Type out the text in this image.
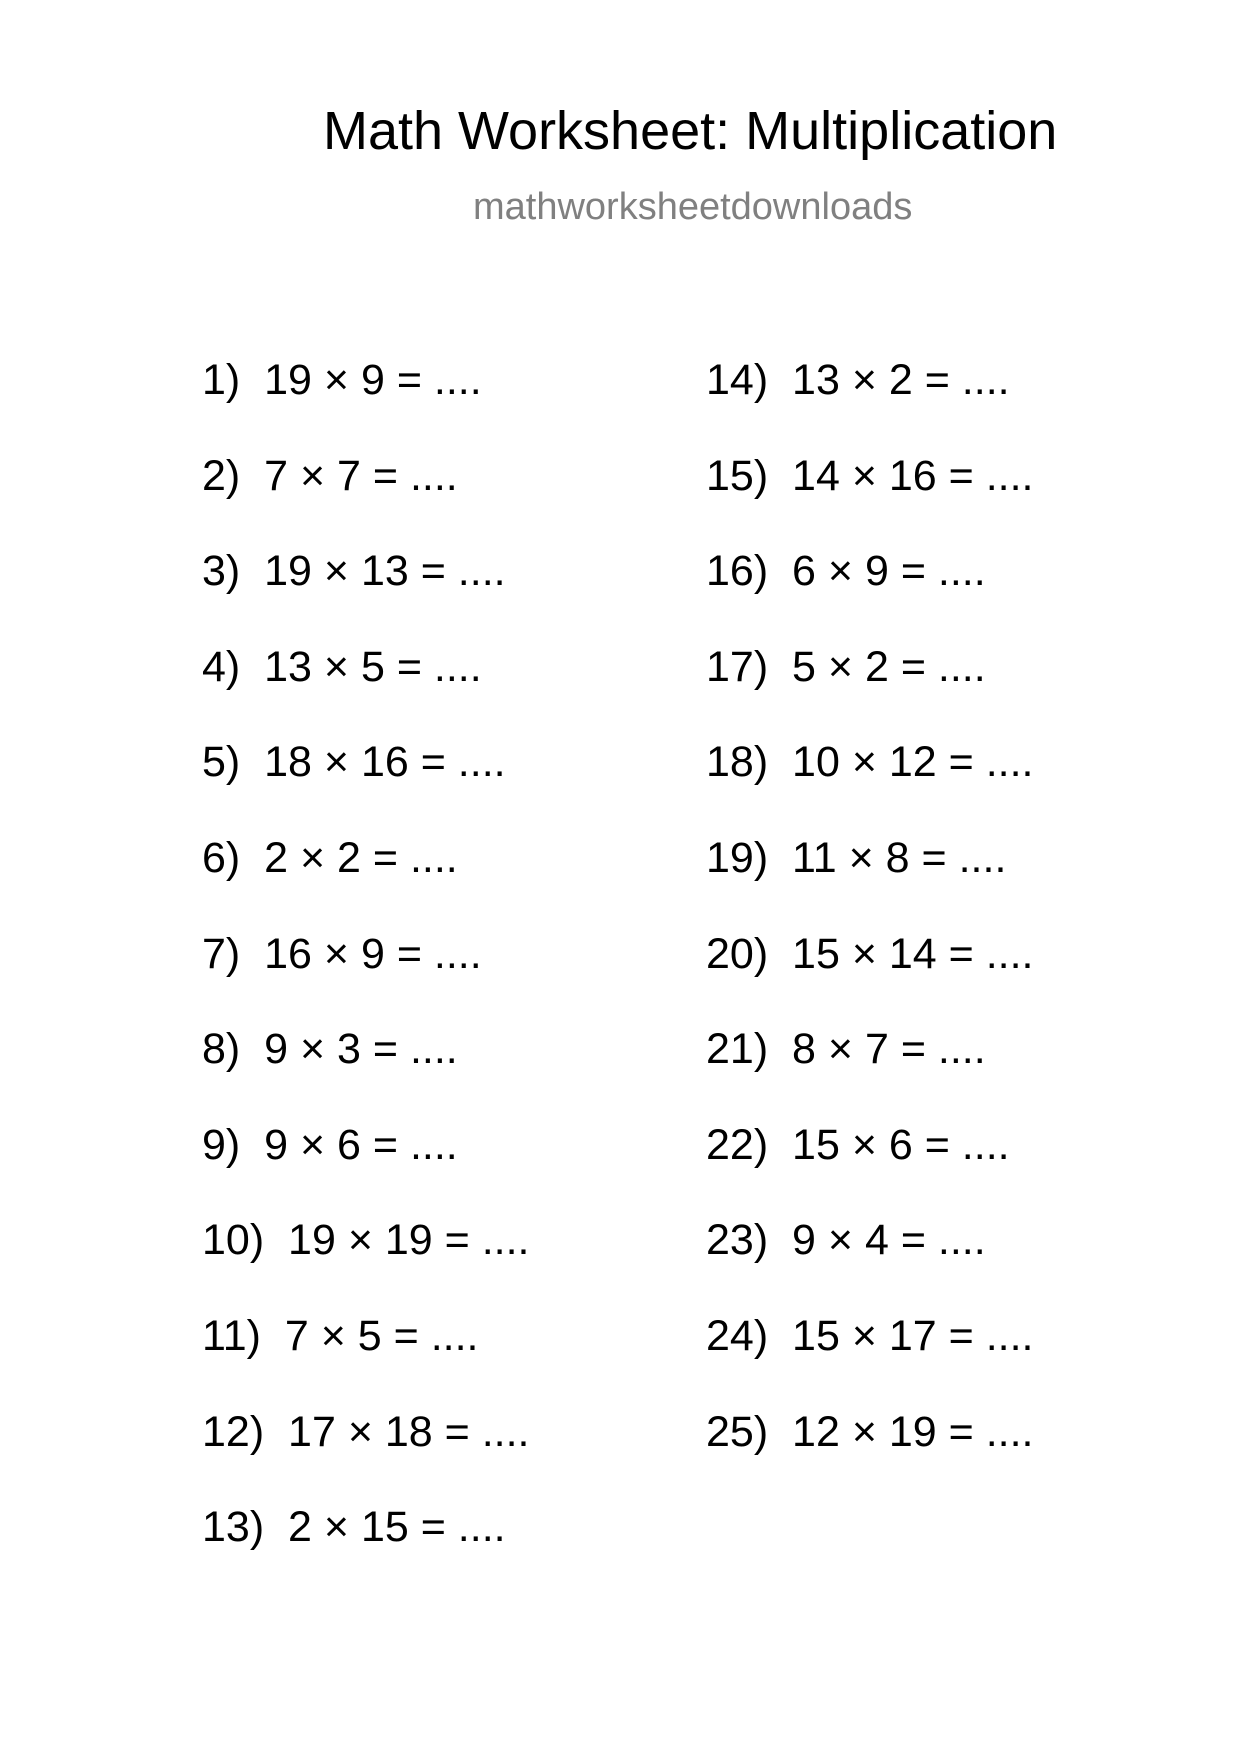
Math Worksheet: Multiplication
mathworksheetdownloads
1)  19 × 9 = ....
2)  7 × 7 = ....
3)  19 × 13 = ....
4)  13 × 5 = ....
5)  18 × 16 = ....
6)  2 × 2 = ....
7)  16 × 9 = ....
8)  9 × 3 = ....
9)  9 × 6 = ....
10)  19 × 19 = ....
11)  7 × 5 = ....
12)  17 × 18 = ....
13)  2 × 15 = ....
14)  13 × 2 = ....
15)  14 × 16 = ....
16)  6 × 9 = ....
17)  5 × 2 = ....
18)  10 × 12 = ....
19)  11 × 8 = ....
20)  15 × 14 = ....
21)  8 × 7 = ....
22)  15 × 6 = ....
23)  9 × 4 = ....
24)  15 × 17 = ....
25)  12 × 19 = ....
